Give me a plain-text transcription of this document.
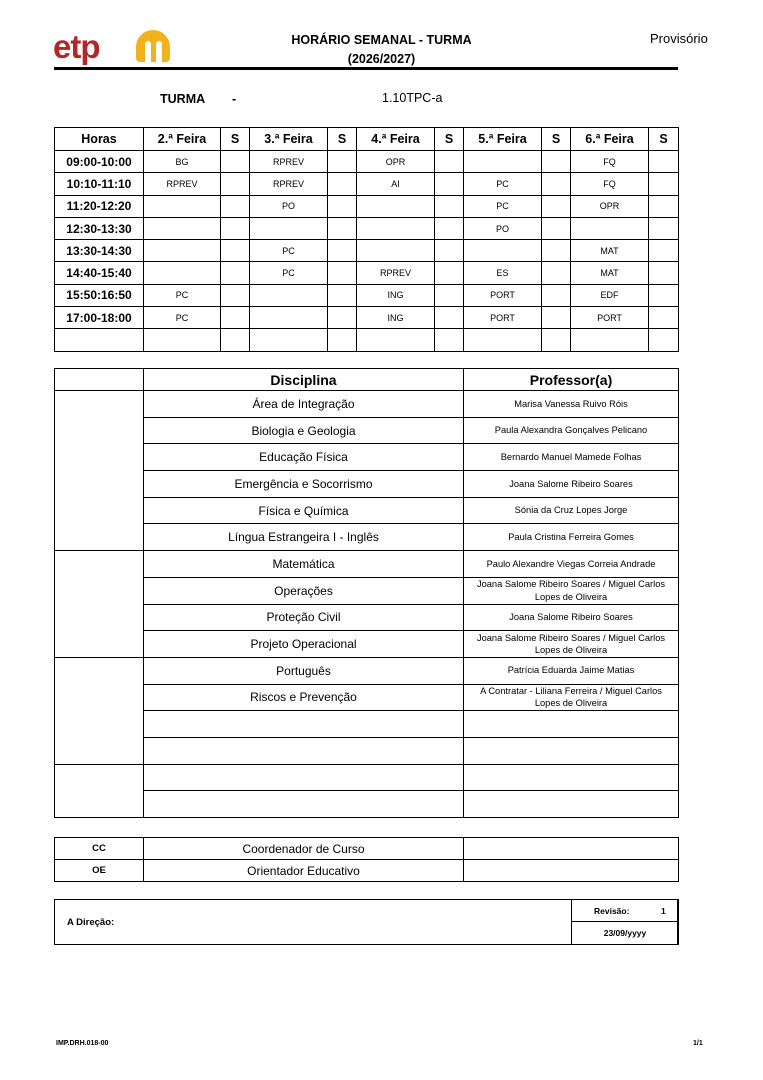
etp	HORÁRIO SEMANAL - TURMA
(2026/2027)
Provisório
TURMA -	1.10TPC-a
Horas	2.ª Feira	S	3.ª Feira	S	4.ª Feira	S	5.ª Feira	S	6.ª Feira	S
09:00-10:00	BG		RPREV		OPR				FQ	
10:10-11:10	RPREV		RPREV		AI		PC		FQ	
11:20-12:20			PO				PC		OPR	
12:30-13:30							PO			
13:30-14:30			PC						MAT	
14:40-15:40			PC		RPREV		ES		MAT	
15:50:16:50	PC				ING		PORT		EDF	
17:00-18:00	PC				ING		PORT		PORT	

	Disciplina	Professor(a)
	Área de Integração	Marisa Vanessa Ruivo Róis
	Biologia e Geologia	Paula Alexandra Gonçalves Pelicano
	Educação Física	Bernardo Manuel Mamede Folhas
	Emergência e Socorrismo	Joana Salome Ribeiro Soares
	Física e Química	Sónia da Cruz Lopes Jorge
	Língua Estrangeira I - Inglês	Paula Cristina Ferreira Gomes
	Matemática	Paulo Alexandre Viegas Correia Andrade
	Operações	Joana Salome Ribeiro Soares / Miguel Carlos Lopes de Oliveira
	Proteção Civil	Joana Salome Ribeiro Soares
	Projeto Operacional	Joana Salome Ribeiro Soares / Miguel Carlos Lopes de Oliveira
	Português	Patrícia Eduarda Jaime Matias
	Riscos e Prevenção	A Contratar - Liliana Ferreira / Miguel Carlos Lopes de Oliveira

CC	Coordenador de Curso	
OE	Orientador Educativo	
A Direção:
Revisão:	1
23/09/yyyy
IMP.DRH.018-00	1/1
